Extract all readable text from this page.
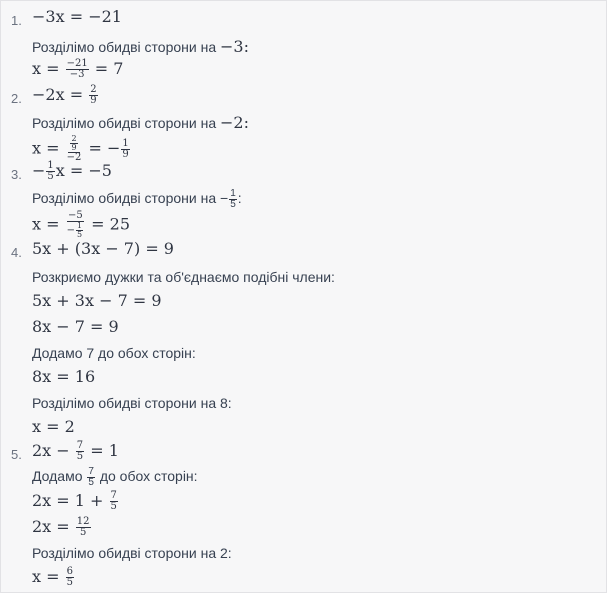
1. −3x = −21
Розділімо обидві сторони на −3:
$x = \frac{-21}{-3} = 7$
2. $-2x = \frac{2}{9}$
Розділімо обидві сторони на −2:
$x = \frac{\frac{2}{9}}{-2}$ = − $\frac{1}{9}$
3. − $\frac{1}{5}$ x = −5
Розділімо обидві сторони на − $\frac{1}{5}$ :
$x = \frac{-5}{- \frac{1}{5}} = 25$
4. 5x + (3x − 7) = 9
Розкриємо дужки та об'єднаємо подібні члени:
5x + 3x − 7 = 9
8x − 7 = 9
Додамо 7 до обох сторін:
8x = 16
Розділімо обидві сторони на 8:
x = 2
5. $2x - \frac{7}{5} = 1$
Додамо $\frac{7}{5}$ до обох сторін:
$2x = 1 + \frac{7}{5}$
$2x = \frac{12}{5}$
Розділімо обидві сторони на 2:
$x = \frac{6}{5}$
